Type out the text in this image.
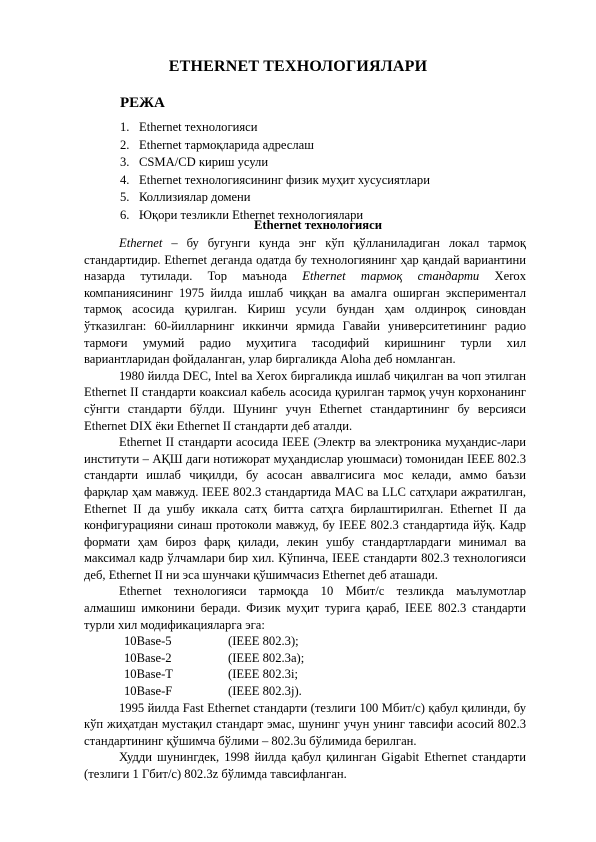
ETHERNET ТЕХНОЛОГИЯЛАРИ
РЕЖА
1. Ethernet технологияси
2. Ethernet тармоқларида адреслаш
3. CSMA/CD кириш усули
4. Ethernet технологиясининг физик муҳит хусусиятлари
5. Коллизиялар домени
6. Юқори тезликли Ethernet технологиялари
Ethernet технологияси

Ethernet – бу бугунги кунда энг кўп қўлланиладиган локал тармоқ стандартидир. Ethernet деганда одатда бу технологиянинг ҳар қандай вариантини назарда тутилади. Тор маънода Ethernet тармоқ стандарти Xerox компаниясининг 1975 йилда ишлаб чиққан ва амалга оширган экспериментал тармоқ асосида қурилган. Кириш усули бундан ҳам олдинроқ синовдан ўтказилган: 60-йилларнинг иккинчи ярмида Гавайи университетининг радио тармоғи умумий радио муҳитига тасодифий киришнинг турли хил вариантларидан фойдаланган, улар биргаликда Aloha деб номланган.

1980 йилда DEC, Intel ва Xerox биргаликда ишлаб чиқилган ва чоп этилган Ethernet II стандарти коаксиал кабель асосида қурилган тармоқ учун корхонанинг сўнгги стандарти бўлди. Шунинг учун Ethernet стандартининг бу версияси Ethernet DIX ёки Ethernet II стандарти деб аталди.

Ethernet II стандарти асосида IEEE (Электр ва электроника муҳандис-лари институти – АҚШ даги нотижорат муҳандислар уюшмаси) томонидан IEEE 802.3 стандарти ишлаб чиқилди, бу асосан аввалгисига мос келади, аммо баъзи фарқлар ҳам мавжуд. IEEE 802.3 стандартида MAC ва LLC сатҳлари ажратилган, Ethernet II да ушбу иккала сатҳ битта сатҳга бирлаштирилган. Ethernet II да конфигурацияни синаш протоколи мавжуд, бу IEEE 802.3 стандартида йўқ. Кадр формати ҳам бироз фарқ қилади, лекин ушбу стандартлардаги минимал ва максимал кадр ўлчамлари бир хил. Кўпинча, IEEE стандарти 802.3 технологияси деб, Ethernet II ни эса шунчаки қўшимчасиз Ethernet деб аташади.

Ethernet технологияси тармоқда 10 Мбит/с тезликда маълумотлар алмашиш имконини беради. Физик муҳит турига қараб, IEEE 802.3 стандарти турли хил модификацияларга эга:

10Base-5	(IEEE 802.3);
10Base-2	(IEEE 802.3a);
10Base-T	(IEEE 802.3i;
10Base-F	(IEEE 802.3j).

1995 йилда Fast Ethernet стандарти (тезлиги 100 Мбит/с) қабул қилинди, бу кўп жиҳатдан мустақил стандарт эмас, шунинг учун унинг тавсифи асосий 802.3 стандартининг қўшимча бўлими – 802.3u бўлимида берилган.

Худди шунингдек, 1998 йилда қабул қилинган Gigabit Ethernet стандарти (тезлиги 1 Гбит/с) 802.3z бўлимда тавсифланган.
